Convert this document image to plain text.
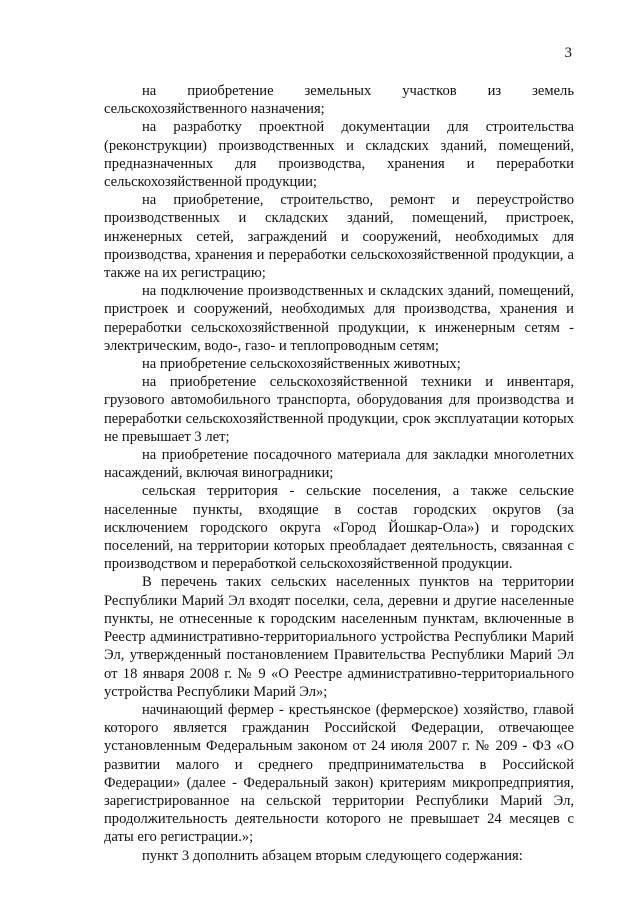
3

на приобретение земельных участков из земель сельскохозяйственного назначения;

на разработку проектной документации для строительства (реконструкции) производственных и складских зданий, помещений, предназначенных для производства, хранения и переработки сельскохозяйственной продукции;

на приобретение, строительство, ремонт и переустройство производственных и складских зданий, помещений, пристроек, инженерных сетей, заграждений и сооружений, необходимых для производства, хранения и переработки сельскохозяйственной продукции, а также на их регистрацию;

на подключение производственных и складских зданий, помещений, пристроек и сооружений, необходимых для производства, хранения и переработки сельскохозяйственной продукции, к инженерным сетям - электрическим, водо-, газо- и теплопроводным сетям;

на приобретение сельскохозяйственных животных;

на приобретение сельскохозяйственной техники и инвентаря, грузового автомобильного транспорта, оборудования для производства и переработки сельскохозяйственной продукции, срок эксплуатации которых не превышает 3 лет;

на приобретение посадочного материала для закладки многолетних насаждений, включая виноградники;

сельская территория - сельские поселения, а также сельские населенные пункты, входящие в состав городских округов (за исключением городского округа «Город Йошкар-Ола») и городских поселений, на территории которых преобладает деятельность, связанная с производством и переработкой сельскохозяйственной продукции.

В перечень таких сельских населенных пунктов на территории Республики Марий Эл входят поселки, села, деревни и другие населенные пункты, не отнесенные к городским населенным пунктам, включенные в Реестр административно-территориального устройства Республики Марий Эл, утвержденный постановлением Правительства Республики Марий Эл от 18 января 2008 г. № 9 «О Реестре административно-территориального устройства Республики Марий Эл»;

начинающий фермер - крестьянское (фермерское) хозяйство, главой которого является гражданин Российской Федерации, отвечающее установленным Федеральным законом от 24 июля 2007 г. № 209 - ФЗ «О развитии малого и среднего предпринимательства в Российской Федерации» (далее - Федеральный закон) критериям микропредприятия, зарегистрированное на сельской территории Республики Марий Эл, продолжительность деятельности которого не превышает 24 месяцев с даты его регистрации.»;

пункт 3 дополнить абзацем вторым следующего содержания:
